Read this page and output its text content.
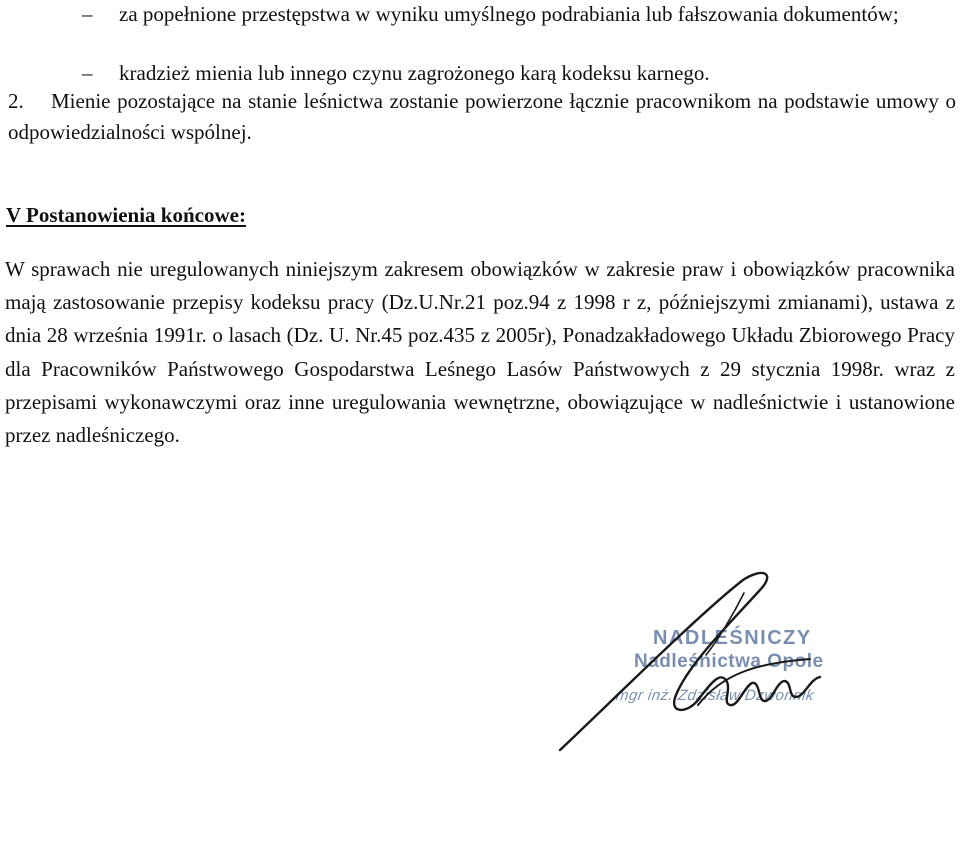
– za popełnione przestępstwa w wyniku umyślnego podrabiania lub fałszowania dokumentów;
– kradzież mienia lub innego czynu zagrożonego karą kodeksu karnego.
2.	Mienie pozostające na stanie leśnictwa zostanie powierzone łącznie pracownikom na podstawie umowy o odpowiedzialności wspólnej.
V Postanowienia końcowe:

W sprawach nie uregulowanych niniejszym zakresem obowiązków w zakresie praw i obowiązków pracownika mają zastosowanie przepisy kodeksu pracy (Dz.U.Nr.21 poz.94 z 1998 r z, późniejszymi zmianami), ustawa z dnia 28 września 1991r. o lasach (Dz. U. Nr.45 poz.435 z 2005r), Ponadzakładowego Układu Zbiorowego Pracy dla Pracowników Państwowego Gospodarstwa Leśnego Lasów Państwowych z 29 stycznia 1998r. wraz z przepisami wykonawczymi oraz inne uregulowania wewnętrzne, obowiązujące w nadleśnictwie i ustanowione przez nadleśniczego.

NADLEŚNICZY
Nadleśnictwa Opole
mgr inż. Zdzisław Dzwonnik
